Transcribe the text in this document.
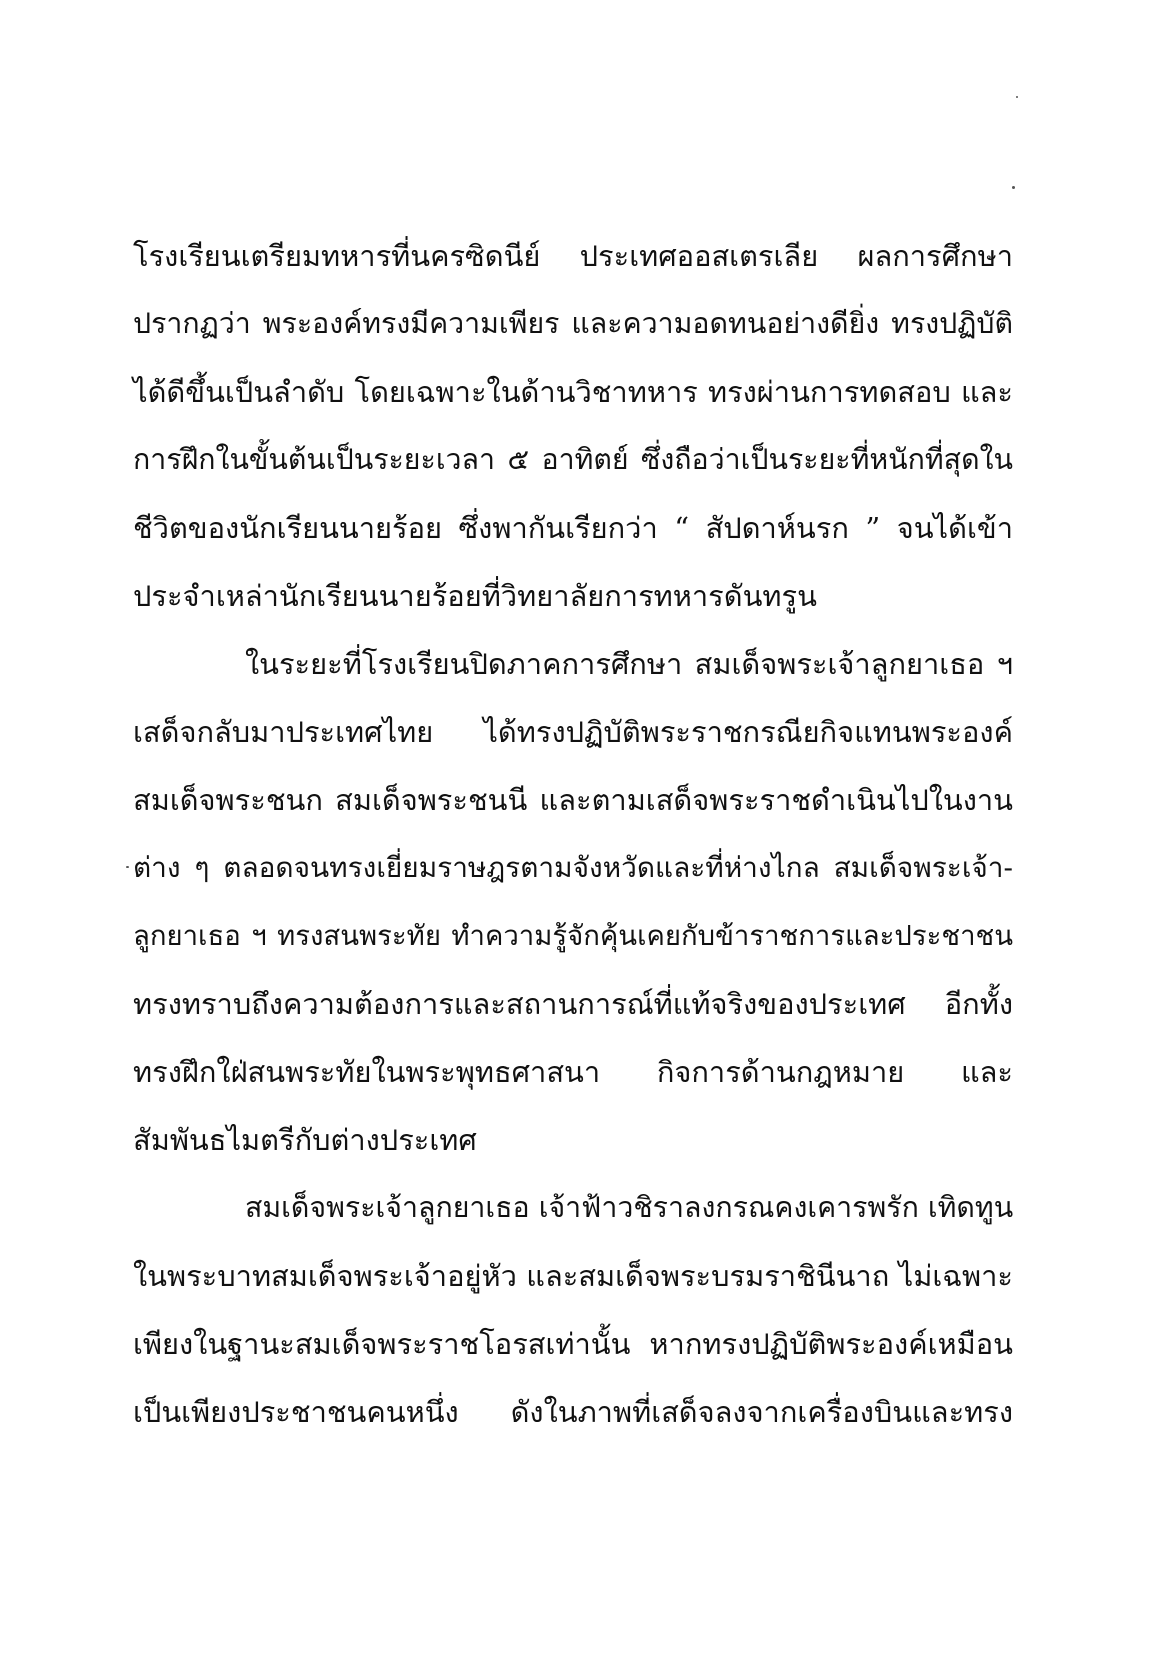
โรงเรียนเตรียมทหารที่นครซิดนีย์ ประเทศออสเตรเลีย ผลการศึกษา
ปรากฏว่า พระองค์ทรงมีความเพียร และความอดทนอย่างดียิ่ง ทรงปฏิบัติ
ได้ดีขึ้นเป็นลำดับ โดยเฉพาะในด้านวิชาทหาร ทรงผ่านการทดสอบ และ
การฝึกในขั้นต้นเป็นระยะเวลา ๕ อาทิตย์ ซึ่งถือว่าเป็นระยะที่หนักที่สุดใน
ชีวิตของนักเรียนนายร้อย ซึ่งพากันเรียกว่า “ สัปดาห์นรก ” จนได้เข้า
ประจำเหล่านักเรียนนายร้อยที่วิทยาลัยการทหารดันทรูน
ในระยะที่โรงเรียนปิดภาคการศึกษา สมเด็จพระเจ้าลูกยาเธอ ฯ
เสด็จกลับมาประเทศไทย ได้ทรงปฏิบัติพระราชกรณียกิจแทนพระองค์
สมเด็จพระชนก สมเด็จพระชนนี และตามเสด็จพระราชดำเนินไปในงาน
ต่าง ๆ ตลอดจนทรงเยี่ยมราษฎรตามจังหวัดและที่ห่างไกล สมเด็จพระเจ้า-
ลูกยาเธอ ฯ ทรงสนพระทัย ทำความรู้จักคุ้นเคยกับข้าราชการและประชาชน
ทรงทราบถึงความต้องการและสถานการณ์ที่แท้จริงของประเทศ อีกทั้ง
ทรงฝึกใฝ่สนพระทัยในพระพุทธศาสนา กิจการด้านกฎหมาย และ
สัมพันธไมตรีกับต่างประเทศ
สมเด็จพระเจ้าลูกยาเธอ เจ้าฟ้าวชิราลงกรณคงเคารพรัก เทิดทูน
ในพระบาทสมเด็จพระเจ้าอยู่หัว และสมเด็จพระบรมราชินีนาถ ไม่เฉพาะ
เพียงในฐานะสมเด็จพระราชโอรสเท่านั้น หากทรงปฏิบัติพระองค์เหมือน
เป็นเพียงประชาชนคนหนึ่ง ดังในภาพที่เสด็จลงจากเครื่องบินและทรง
